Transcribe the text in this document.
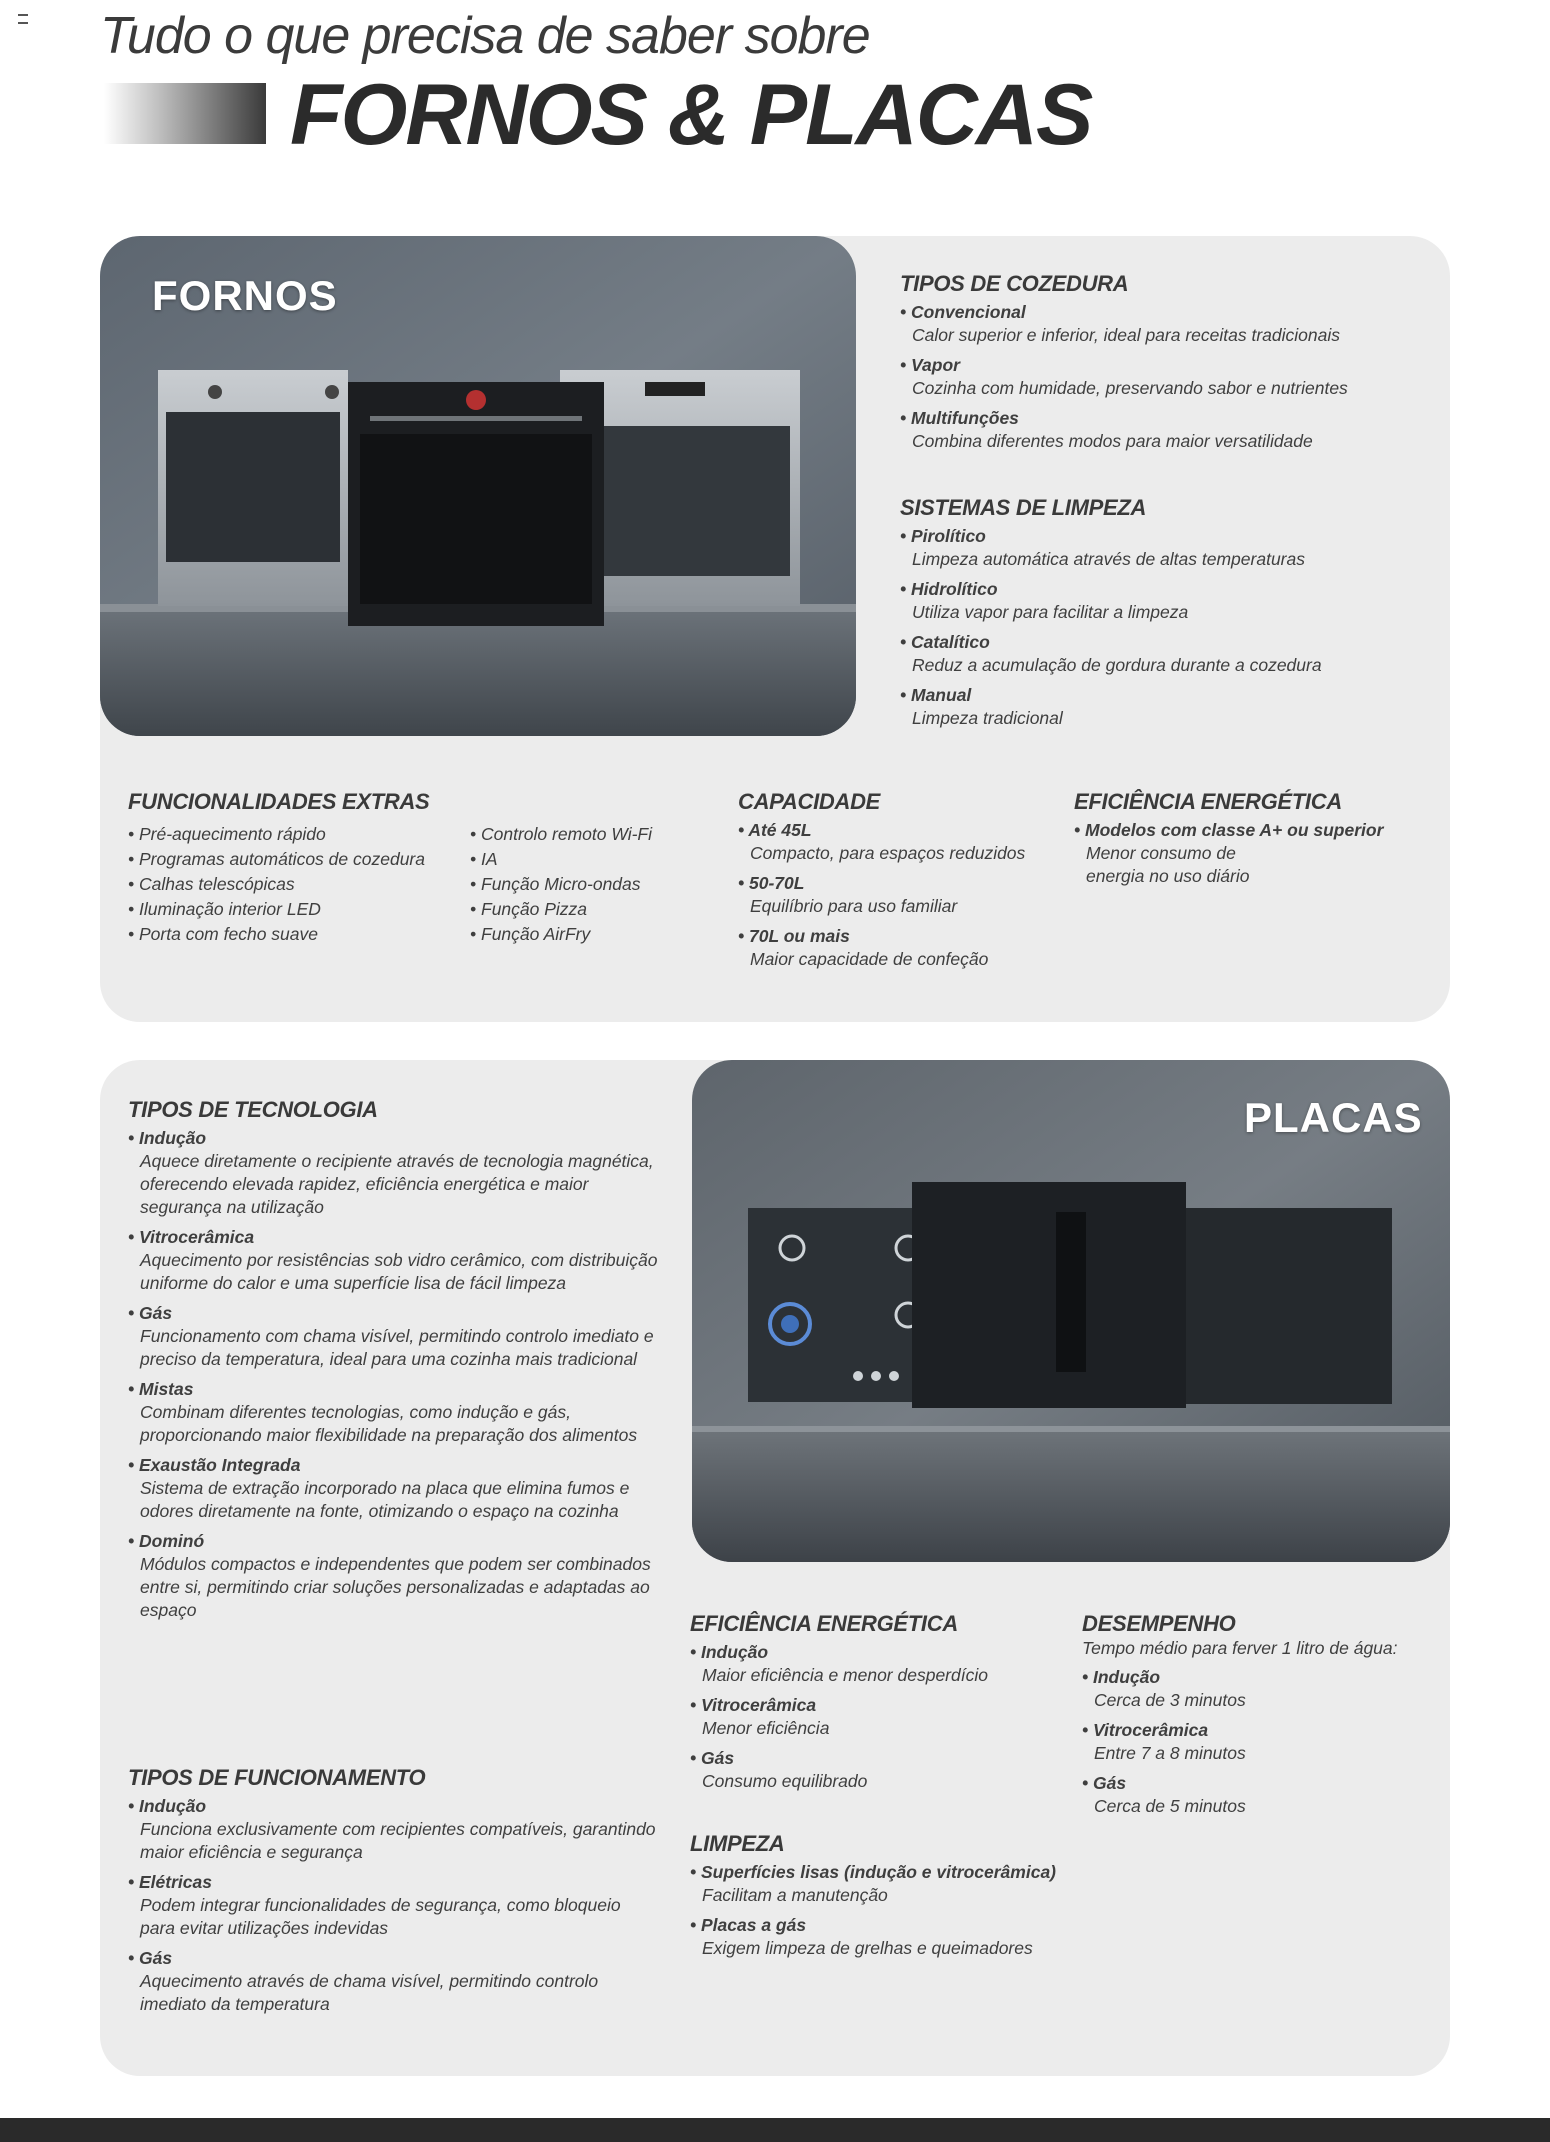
Tudo o que precisa de saber sobre
FORNOS & PLACAS
FORNOS	TIPOS DE COZEDURA
• Convencional
Calor superior e inferior, ideal para receitas tradicionais
• Vapor
Cozinha com humidade, preservando sabor e nutrientes
• Multifunções
Combina diferentes modos para maior versatilidade
SISTEMAS DE LIMPEZA
• Pirolítico
Limpeza automática através de altas temperaturas
• Hidrolítico
Utiliza vapor para facilitar a limpeza
• Catalítico
Reduz a acumulação de gordura durante a cozedura
• Manual
Limpeza tradicional
FUNCIONALIDADES EXTRAS
• Pré-aquecimento rápido
• Programas automáticos de cozedura
• Calhas telescópicas
• Iluminação interior LED
• Porta com fecho suave
• Controlo remoto Wi-Fi
• IA
• Função Micro-ondas
• Função Pizza
• Função AirFry
CAPACIDADE
• Até 45L
Compacto, para espaços reduzidos
• 50-70L
Equilíbrio para uso familiar
• 70L ou mais
Maior capacidade de confeção
EFICIÊNCIA ENERGÉTICA
• Modelos com classe A+ ou superior
Menor consumo de energia no uso diário
PLACAS
TIPOS DE TECNOLOGIA
• Indução
Aquece diretamente o recipiente através de tecnologia magnética, oferecendo elevada rapidez, eficiência energética e maior segurança na utilização
• Vitrocerâmica
Aquecimento por resistências sob vidro cerâmico, com distribuição uniforme do calor e uma superfície lisa de fácil limpeza
• Gás
Funcionamento com chama visível, permitindo controlo imediato e preciso da temperatura, ideal para uma cozinha mais tradicional
• Mistas
Combinam diferentes tecnologias, como indução e gás, proporcionando maior flexibilidade na preparação dos alimentos
• Exaustão Integrada
Sistema de extração incorporado na placa que elimina fumos e odores diretamente na fonte, otimizando o espaço na cozinha
• Dominó
Módulos compactos e independentes que podem ser combinados entre si, permitindo criar soluções personalizadas e adaptadas ao espaço
TIPOS DE FUNCIONAMENTO
• Indução
Funciona exclusivamente com recipientes compatíveis, garantindo maior eficiência e segurança
• Elétricas
Podem integrar funcionalidades de segurança, como bloqueio para evitar utilizações indevidas
• Gás
Aquecimento através de chama visível, permitindo controlo imediato da temperatura
EFICIÊNCIA ENERGÉTICA
• Indução
Maior eficiência e menor desperdício
• Vitrocerâmica
Menor eficiência
• Gás
Consumo equilibrado
LIMPEZA
• Superfícies lisas (indução e vitrocerâmica)
Facilitam a manutenção
• Placas a gás
Exigem limpeza de grelhas e queimadores
DESEMPENHO
Tempo médio para ferver 1 litro de água:
• Indução
Cerca de 3 minutos
• Vitrocerâmica
Entre 7 a 8 minutos
• Gás
Cerca de 5 minutos
